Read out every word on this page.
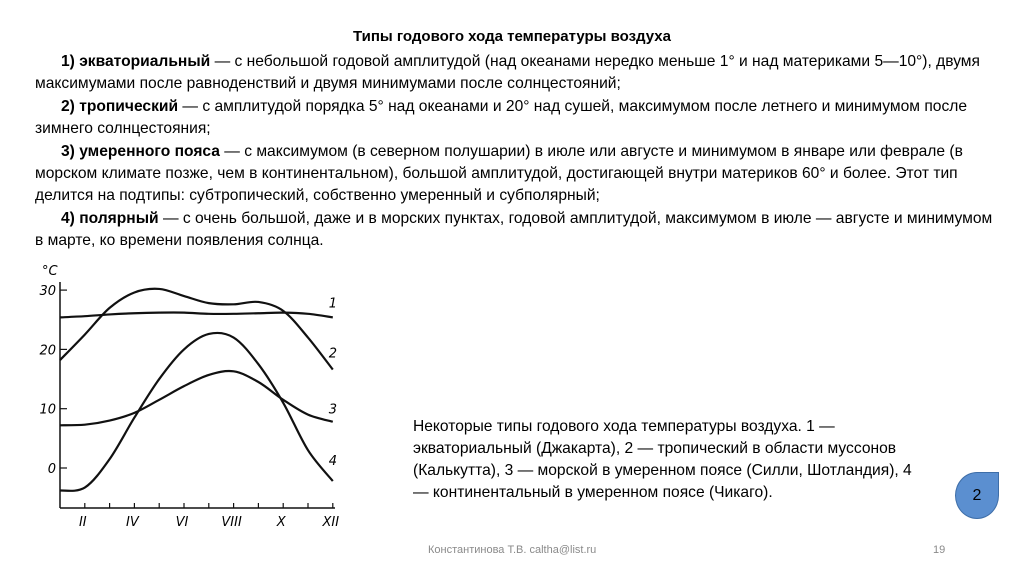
Типы годового хода температуры воздуха
1) экваториальный — с небольшой годовой амплитудой (над океанами нередко меньше 1° и над материками 5—10°), двумя максимумами после равноденствий и двумя минимумами после солнцестояний;
2) тропический — с амплитудой порядка 5° над океанами и 20° над сушей, максимумом после летнего и минимумом после зимнего солнцестояния;
3) умеренного пояса — с максимумом (в северном полушарии) в июле или августе и минимумом в январе или феврале (в морском климате позже, чем в континентальном), большой амплитудой, достигающей внутри материков 60° и более. Этот тип делится на подтипы: субтропический, собственно умеренный и субполярный;
4) полярный — с очень большой, даже и в морских пунктах, годовой амплитудой, максимумом в июле — августе и минимумом в марте, ко времени появления солнца.
°C
30
20
10
0
II	IV	VI	VIII	X	XII
1
2
3
4
Некоторые типы годового хода температуры воздуха. 1 — экваториальный (Джакарта), 2 — тропический в области муссонов (Калькутта), 3 — морской в умеренном поясе (Силли, Шотландия), 4 — континентальный в умеренном поясе (Чикаго).	2
Константинова Т.В. caltha@list.ru	19
